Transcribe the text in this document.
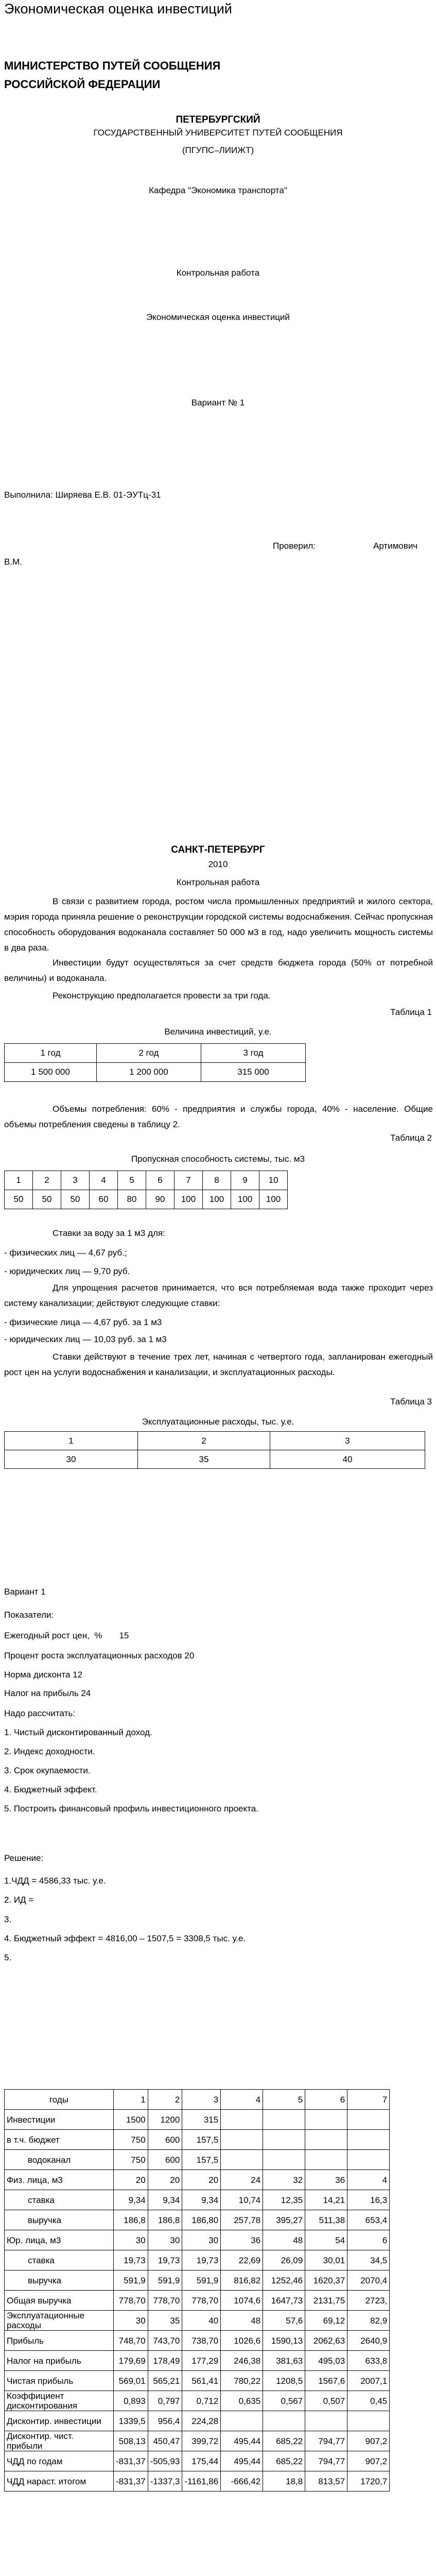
Экономическая оценка инвестиций
МИНИСТЕРСТВО ПУТЕЙ СООБЩЕНИЯ
РОССИЙСКОЙ ФЕДЕРАЦИИ
ПЕТЕРБУРГСКИЙ
ГОСУДАРСТВЕННЫЙ УНИВЕРСИТЕТ ПУТЕЙ СООБЩЕНИЯ
(ПГУПС–ЛИИЖТ)
Кафедра "Экономика транспорта"
Контрольная работа
Экономическая оценка инвестиций
Вариант № 1
Выполнила: Ширяева Е.В. 01-ЭУТц-31
Проверил:	Артимович
В.М.
САНКТ-ПЕТЕРБУРГ
2010
Контрольная работа
В связи с развитием города, ростом числа промышленных предприятий и жилого сектора, мэрия города приняла решение о реконструкции городской системы водоснабжения. Сейчас пропускная способность оборудования водоканала составляет 50 000 м3 в год, надо увеличить мощность системы в два раза.
Инвестиции будут осуществляться за счет средств бюджета города (50% от потребной величины) и водоканала.
Реконструкцию предполагается провести за три года.
Таблица 1
Величина инвестиций, у.е.
1 год	2 год	3 год
1 500 000	1 200 000	315 000
Объемы потребления: 60% - предприятия и службы города, 40% - население. Общие объемы потребления сведены в таблицу 2.
Таблица 2
Пропускная способность системы, тыс. м3
1	2	3	4	5	6	7	8	9	10
50	50	50	60	80	90	100	100	100	100
Ставки за воду за 1 м3 для:
- физических лиц — 4,67 руб.;
- юридических лиц — 9,70 руб.
Для упрощения расчетов принимается, что вся потребляемая вода также проходит через систему канализации; действуют следующие ставки:
- физические лица — 4,67 руб. за 1 м3
- юридических лиц — 10,03 руб. за 1 м3
Ставки действуют в течение трех лет, начиная с четвертого года, запланирован ежегодный рост цен на услуги водоснабжения и канализации, и эксплуатационных расходы.
Таблица 3
Эксплуатационные расходы, тыс. у.е.
1	2	3
30	35	40
Вариант 1
Показатели:
Ежегодный рост цен,  %       15
Процент роста эксплуатационных расходов 20
Норма дисконта 12
Налог на прибыль 24
Надо рассчитать:
1. Чистый дисконтированный доход.
2. Индекс доходности.
3. Срок окупаемости.
4. Бюджетный эффект.
5. Построить финансовый профиль инвестиционного проекта.
Решение:
1.ЧДД = 4586,33 тыс. у.е.
2. ИД =
3.
4. Бюджетный эффект = 4816,00 – 1507,5 = 3308,5 тыс. у.е.
5.
годы	1	2	3	4	5	6	7
Инвестиции	1500	1200	315				
в т.ч. бюджет	750	600	157,5				
водоканал	750	600	157,5				
Физ. лица, м3	20	20	20	24	32	36	4
ставка	9,34	9,34	9,34	10,74	12,35	14,21	16,3
выручка	186,8	186,8	186,80	257,78	395,27	511,38	653,4
Юр. лица, м3	30	30	30	36	48	54	6
ставка	19,73	19,73	19,73	22,69	26,09	30,01	34,5
выручка	591,9	591,9	591,9	816,82	1252,46	1620,37	2070,4
Общая выручка	778,70	778,70	778,70	1074,6	1647,73	2131,75	2723,
Эксплуатационные расходы	30	35	40	48	57,6	69,12	82,9
Прибыль	748,70	743,70	738,70	1026,6	1590,13	2062,63	2640,9
Налог на прибыль	179,69	178,49	177,29	246,38	381,63	495,03	633,8
Чистая прибыль	569,01	565,21	561,41	780,22	1208,5	1567,6	2007,1
Коэффициент дисконтирования	0,893	0,797	0,712	0,635	0,567	0,507	0,45
Дисконтир. инвестиции	1339,5	956,4	224,28				
Дисконтир. чист. прибыли	508,13	450,47	399,72	495,44	685,22	794,77	907,2
ЧДД по годам	-831,37	-505,93	175,44	495,44	685,22	794,77	907,2
ЧДД нараст. итогом	-831,37	-1337,3	-1161,86	-666,42	18,8	813,57	1720,7
